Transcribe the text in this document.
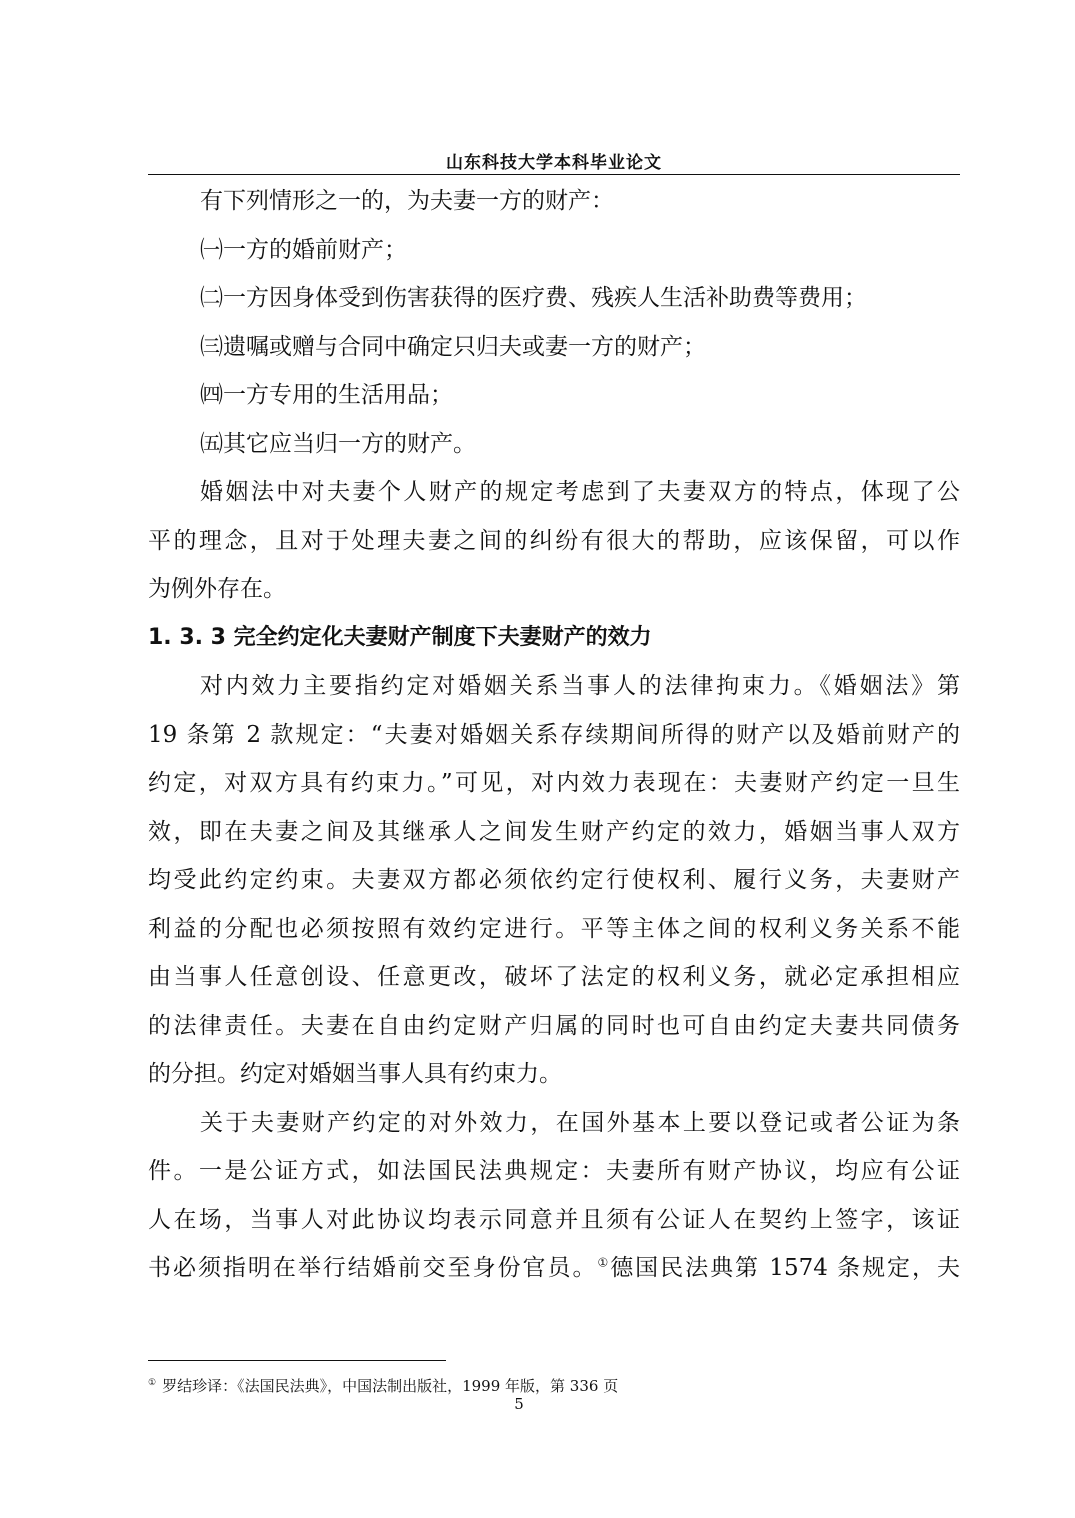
山东科技大学本科毕业论文
有下列情形之一的，为夫妻一方的财产：
㈠一方的婚前财产；
㈡一方因身体受到伤害获得的医疗费、残疾人生活补助费等费用；
㈢遗嘱或赠与合同中确定只归夫或妻一方的财产；
㈣一方专用的生活用品；
㈤其它应当归一方的财产。
婚姻法中对夫妻个人财产的规定考虑到了夫妻双方的特点，体现了公
平的理念，且对于处理夫妻之间的纠纷有很大的帮助，应该保留，可以作
为例外存在。
1. 3. 3 完全约定化夫妻财产制度下夫妻财产的效力
对内效力主要指约定对婚姻关系当事人的法律拘束力。《婚姻法》第
19 条第 2 款规定：“夫妻对婚姻关系存续期间所得的财产以及婚前财产的
约定，对双方具有约束力。”可见，对内效力表现在：夫妻财产约定一旦生
效，即在夫妻之间及其继承人之间发生财产约定的效力，婚姻当事人双方
均受此约定约束。夫妻双方都必须依约定行使权利、履行义务，夫妻财产
利益的分配也必须按照有效约定进行。平等主体之间的权利义务关系不能
由当事人任意创设、任意更改，破坏了法定的权利义务，就必定承担相应
的法律责任。夫妻在自由约定财产归属的同时也可自由约定夫妻共同债务
的分担。约定对婚姻当事人具有约束力。
关于夫妻财产约定的对外效力，在国外基本上要以登记或者公证为条
件。一是公证方式，如法国民法典规定：夫妻所有财产协议，均应有公证
人在场，当事人对此协议均表示同意并且须有公证人在契约上签字，该证
书必须指明在举行结婚前交至身份官员。①德国民法典第 1574 条规定，夫
① 罗结珍译：《法国民法典》，中国法制出版社，1999 年版，第 336 页
5
